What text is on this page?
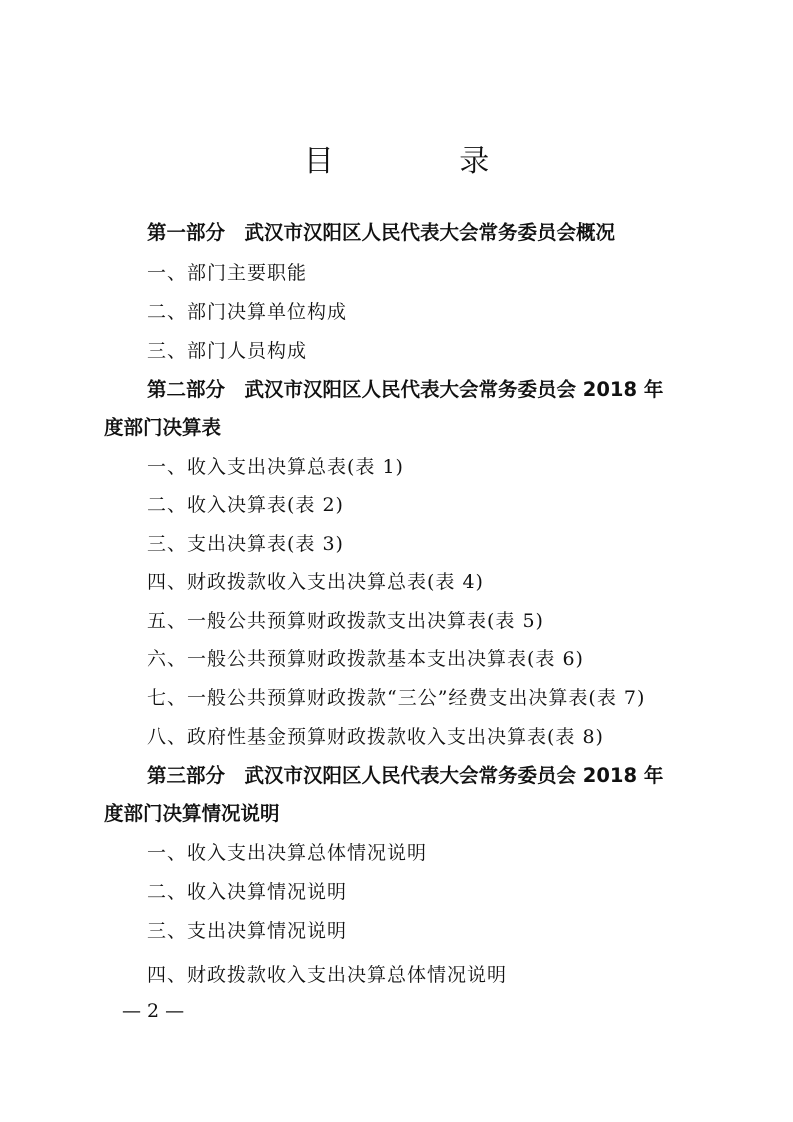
目 录
第一部分　武汉市汉阳区人民代表大会常务委员会概况
一、部门主要职能
二、部门决算单位构成
三、部门人员构成
第二部分　武汉市汉阳区人民代表大会常务委员会 2018 年
度部门决算表
一、收入支出决算总表(表 1)
二、收入决算表(表 2)
三、支出决算表(表 3)
四、财政拨款收入支出决算总表(表 4)
五、一般公共预算财政拨款支出决算表(表 5)
六、一般公共预算财政拨款基本支出决算表(表 6)
七、一般公共预算财政拨款“三公”经费支出决算表(表 7)
八、政府性基金预算财政拨款收入支出决算表(表 8)
第三部分　武汉市汉阳区人民代表大会常务委员会 2018 年
度部门决算情况说明
一、收入支出决算总体情况说明
二、收入决算情况说明
三、支出决算情况说明
四、财政拨款收入支出决算总体情况说明
— 2 —
